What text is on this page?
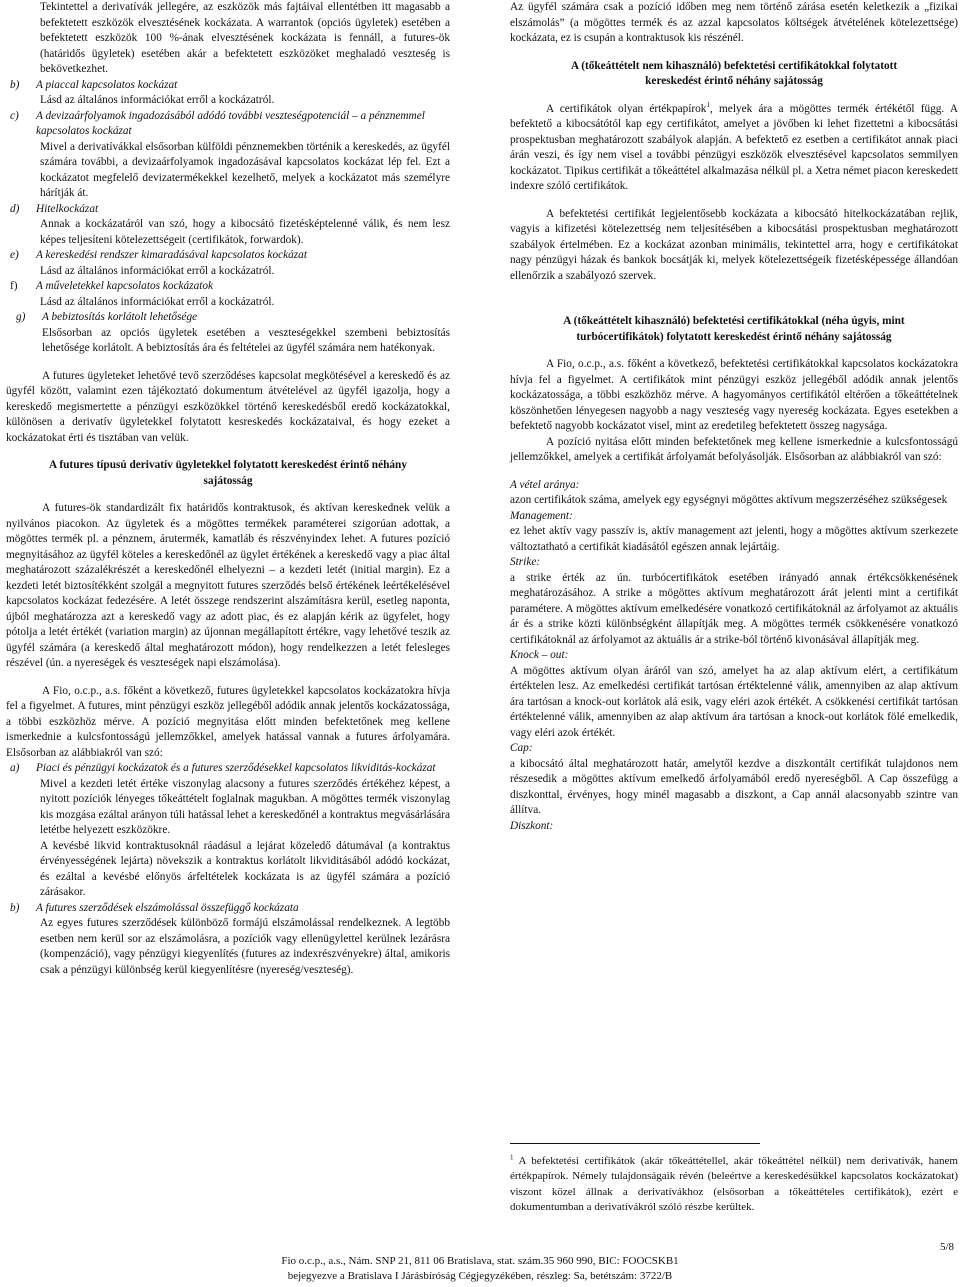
Tekintettel a derivatívák jellegére, az eszközök más fajtáival ellentétben itt magasabb a befektetett eszközök elvesztésének kockázata. A warrantok (opciós ügyletek) esetében a befektetett eszközök 100 %-ának elvesztésének kockázata is fennáll, a futures-ök (határidős ügyletek) esetében akár a befektetett eszközöket meghaladó veszteség is bekövetkezhet.

b)	A piaccal kapcsolatos kockázat

Lásd az általános információkat erről a kockázatról.

c)	A devizaárfolyamok ingadozásából adódó további veszteségpotenciál – a pénznemmel kapcsolatos kockázat

Mivel a derivatívákkal elsősorban külföldi pénznemekben történik a kereskedés, az ügyfél számára további, a devizaárfolyamok ingadozásával kapcsolatos kockázat lép fel. Ezt a kockázatot megfelelő devizatermékekkel kezelhető, melyek a kockázatot más személyre hárítják át.

d)	Hitelkockázat

Annak a kockázatáról van szó, hogy a kibocsátó fizetésképtelenné válik, és nem lesz képes teljesíteni kötelezettségeit (certifikátok, forwardok).

e)	A kereskedési rendszer kimaradásával kapcsolatos kockázat

Lásd az általános információkat erről a kockázatról.

f)	A műveletekkel kapcsolatos kockázatok

Lásd az általános információkat erről a kockázatról.

g)	A bebiztosítás korlátolt lehetősége

Elsősorban az opciós ügyletek esetében a veszteségekkel szembeni bebiztosítás lehetősége korlátolt. A bebiztosítás ára és feltételei az ügyfél számára nem hatékonyak.

A futures ügyleteket lehetővé tevő szerződéses kapcsolat megkötésével a kereskedő és az ügyfél között, valamint ezen tájékoztató dokumentum átvételével az ügyfél igazolja, hogy a kereskedő megismertette a pénzügyi eszközökkel történő kereskedésből eredő kockázatokkal, különösen a derivatív ügyletekkel folytatott kesreskedés kockázataival, és hogy ezeket a kockázatokat érti és tisztában van velük.

A futures típusú derivatív ügyletekkel folytatott kereskedést érintő néhány sajátosság

A futures-ök standardizált fix határidős kontraktusok, és aktívan kereskednek velük a nyilvános piacokon. Az ügyletek és a mögöttes termékek paraméterei szigorúan adottak, a mögöttes termék pl. a pénznem, árutermék, kamatláb és részvényindex lehet. A futures pozíció megnyitásához az ügyfél köteles a kereskedőnél az ügylet értékének a kereskedő vagy a piac által meghatározott százalékrészét a kereskedőnél elhelyezni – a kezdeti letét (initial margin). Ez a kezdeti letét biztosítékként szolgál a megnyitott futures szerződés belső értékének leértékelésével kapcsolatos kockázat fedezésére. A letét összege rendszerint alszámításra kerül, esetleg naponta, újból meghatározza azt a kereskedő vagy az adott piac, és ez alapján kérik az ügyfelet, hogy pótolja a letét értékét (variation margin) az újonnan megállapított értékre, vagy lehetővé teszik az ügyfél számára (a kereskedő által meghatározott módon), hogy rendelkezzen a letét felesleges részével (ún. a nyereségek és veszteségek napi elszámolása).

A Fio, o.c.p., a.s. főként a következő, futures ügyletekkel kapcsolatos kockázatokra hívja fel a figyelmet. A futures, mint pénzügyi eszköz jellegéből adódik annak jelentős kockázatossága, a többi eszközhöz mérve. A pozíció megnyitása előtt minden befektetőnek meg kellene ismerkednie a kulcsfontosságú jellemzőkkel, amelyek hatással vannak a futures árfolyamára. Elsősorban az alábbiakról van szó:

a)	Piaci és pénzügyi kockázatok és a futures szerződésekkel kapcsolatos likviditás-kockázat

Mivel a kezdeti letét értéke viszonylag alacsony a futures szerződés értékéhez képest, a nyitott pozíciók lényeges tőkeáttételt foglalnak magukban. A mögöttes termék viszonylag kis mozgása ezáltal arányon túli hatással lehet a kereskedőnél a kontraktus megvásárlására letétbe helyezett eszközökre.

A kevésbé likvid kontraktusoknál ráadásul a lejárat közeledő dátumával (a kontraktus érvényességének lejárta) növekszik a kontraktus korlátolt likviditásából adódó kockázat, és ezáltal a kevésbé előnyös árfeltételek kockázata is az ügyfél számára a pozíció zárásakor.

b)	A futures szerződések elszámolással összefüggő kockázata

Az egyes futures szerződések különböző formájú elszámolással rendelkeznek. A legtöbb esetben nem kerül sor az elszámolásra, a pozíciók vagy ellenügylettel kerülnek lezárásra (kompenzáció), vagy pénzügyi kiegyenlítés (futures az indexrészvényekre) által, amikoris csak a pénzügyi különbség kerül kiegyenlítésre (nyereség/veszteség).

Az ügyfél számára csak a pozíció időben meg nem történő zárása esetén keletkezik a „fizikai elszámolás” (a mögöttes termék és az azzal kapcsolatos költségek átvételének kötelezettsége) kockázata, ez is csupán a kontraktusok kis részénél.

A (tőkeáttételt nem kihasználó) befektetési certifikátokkal folytatott kereskedést érintő néhány sajátosság

A certifikátok olyan értékpapírok$^1$, melyek ára a mögöttes termék értékétől függ. A befektető a kibocsátótól kap egy certifikátot, amelyet a jövőben ki lehet fizettetni a kibocsátási prospektusban meghatározott szabályok alapján. A befektető ez esetben a certifikátot annak piaci árán veszi, és így nem visel a további pénzügyi eszközök elvesztésével kapcsolatos semmilyen kockázatot. Tipikus certifikát a tőkeáttétel alkalmazása nélkül pl. a Xetra német piacon kereskedett indexre szóló certifikátok.

A befektetési certifikát legjelentősebb kockázata a kibocsátó hitelkockázatában rejlik, vagyis a kifizetési kötelezettség nem teljesítésében a kibocsátási prospektusban meghatározott szabályok értelmében. Ez a kockázat azonban minimális, tekintettel arra, hogy e certifikátokat nagy pénzügyi házak és bankok bocsátják ki, melyek kötelezettségeik fizetésképessége állandóan ellenőrzik a szabályozó szervek.

A (tőkeáttételt kihasználó) befektetési certifikátokkal (néha úgyis, mint turbócertifikátok) folytatott kereskedést érintő néhány sajátosság

A Fio, o.c.p., a.s. főként a következő, befektetési certifikátokkal kapcsolatos kockázatokra hívja fel a figyelmet. A certifikátok mint pénzügyi eszköz jellegéből adódik annak jelentős kockázatossága, a többi eszközhöz mérve. A hagyományos certifikától eltérően a tőkeáttételnek köszönhetően lényegesen nagyobb a nagy veszteség vagy nyereség kockázata. Egyes esetekben a befektető nagyobb kockázatot visel, mint az eredetileg befektetett összeg nagysága.

A pozíció nyitása előtt minden befektetőnek meg kellene ismerkednie a kulcsfontosságú jellemzőkkel, amelyek a certifikát árfolyamát befolyásolják. Elsősorban az alábbiakról van szó:

A vétel aránya:

azon certifikátok száma, amelyek egy egységnyi mögöttes aktívum megszerzéséhez szükségesek

Management:

ez lehet aktív vagy passzív is, aktív management azt jelenti, hogy a mögöttes aktívum szerkezete változtatható a certifikát kiadásától egészen annak lejártáig.

Strike:

a strike érték az ún. turbócertifikátok esetében irányadó annak értékcsökkenésének meghatározásához. A strike a mögöttes aktívum meghatározott árát jelenti mint a certifikát paramétere. A mögöttes aktívum emelkedésére vonatkozó certifikátoknál az árfolyamot az aktuális ár és a strike közti különbségként állapítják meg. A mögöttes termék csökkenésére vonatkozó certifikátoknál az árfolyamot az aktuális ár a strike-ból történő kivonásával állapítják meg.

Knock – out:

A mögöttes aktívum olyan áráról van szó, amelyet ha az alap aktívum elért, a certifikátum értéktelen lesz. Az emelkedési certifikát tartósan értéktelenné válik, amennyiben az alap aktívum ára tartósan a knock-out korlátok alá esik, vagy eléri azok értékét. A csökkenési certifikát tartósan értéktelenné válik, amennyiben az alap aktívum ára tartósan a knock-out korlátok fölé emelkedik, vagy eléri azok értékét.

Cap:

a kibocsátó által meghatározott határ, amelytől kezdve a diszkontált certifikát tulajdonos nem részesedik a mögöttes aktívum emelkedő árfolyamából eredő nyereségből. A Cap összefügg a diszkonttal, érvényes, hogy minél magasabb a diszkont, a Cap annál alacsonyabb szintre van állítva.

Diszkont:

$^1$ A befektetési certifikátok (akár tőkeáttétellel, akár tőkeáttétel nélkül) nem derivatívák, hanem értékpapírok. Némely tulajdonságaik révén (beleértve a kereskedésükkel kapcsolatos kockázatokat) viszont közel állnak a derivatívákhoz (elsősorban a tőkeáttételes certifikátok), ezért e dokumentumban a derivatívákról szóló részbe kerültek.

Fio o.c.p., a.s., Nám. SNP 21, 811 06 Bratislava, stat. szám.35 960 990, BIC: FOOCSKB1
bejegyezve a Bratislava I Járásbíróság Cégjegyzékében, részleg: Sa, betétszám: 3722/B
5/8
